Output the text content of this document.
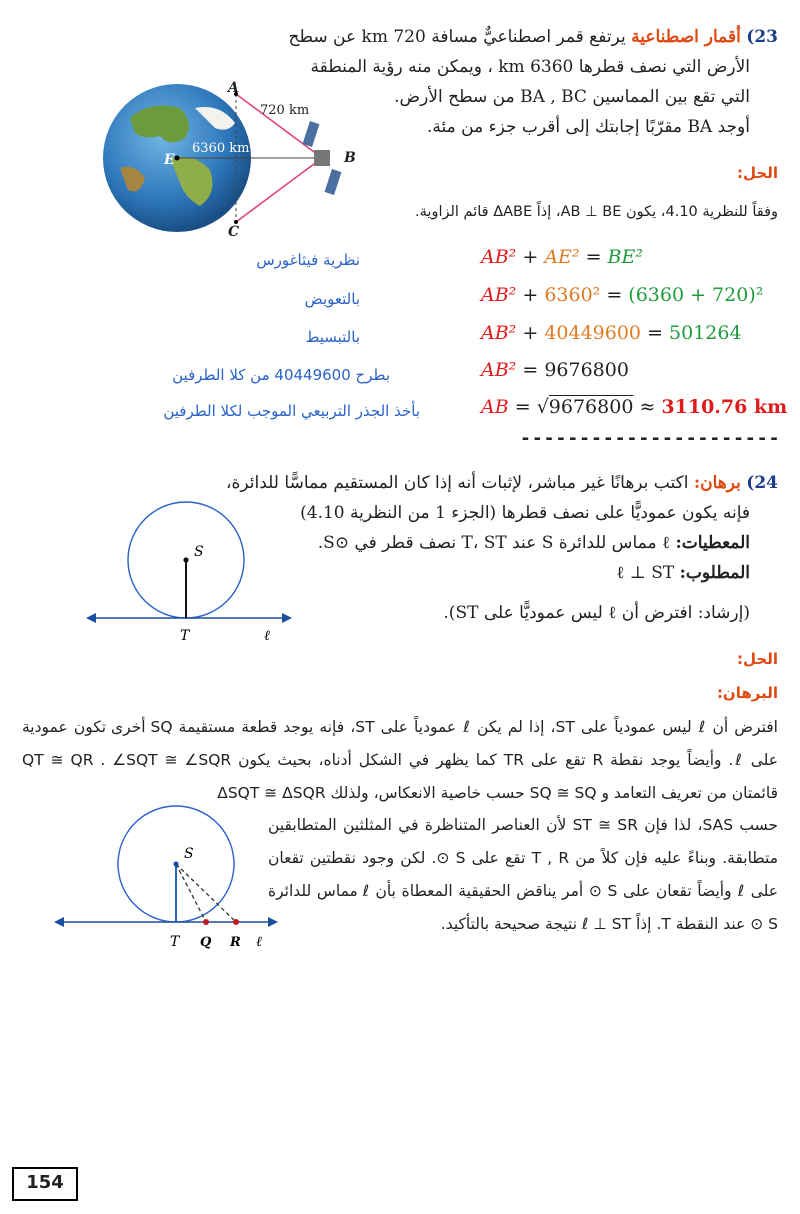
23) أقمار اصطناعية يرتفع قمر اصطناعيٌّ مسافة 720 km عن سطح
الأرض التي نصف قطرها 6360 km ، ويمكن منه رؤية المنطقة
التي تقع بين المماسين BA , BC من سطح الأرض.
أوجد BA مقرّبًا إجابتك إلى أقرب جزء من مئة.
720 km
6360 km
A
B
C
E
الحل:
وفقاً للنظرية 4.10، يكون AB ⊥ BE، إذاً ΔABE قائم الزاوية.
نظرية فيثاغورس
بالتعويض
بالتبسيط
بطرح 40449600 من كلا الطرفين
بأخذ الجذر التربيعي الموجب لكلا الطرفين
AB² + AE² = BE²
AB² + 6360² = (6360 + 720)²
AB² + 40449600 = 501264
AB² = 9676800
AB = √9676800 ≈ 3110.76 km
----------------------
24) برهان: اكتب برهانًا غير مباشر، لإثبات أنه إذا كان المستقيم مماسًّا للدائرة،
فإنه يكون عموديًّا على نصف قطرها (الجزء 1 من النظرية 4.10)
المعطيات: ℓ مماس للدائرة S عند T، ST نصف قطر في ⊙S.
المطلوب: ℓ ⊥ ST
(إرشاد: افترض أن ℓ ليس عموديًّا على ST).
S
T	ℓ
الحل:
البرهان:
افترض أن ℓ ليس عمودياً على ST، إذا لم يكن ℓ عمودياً على ST، فإنه يوجد قطعة مستقيمة SQ أخرى تكون عمودية على ℓ. وأيضاً يوجد نقطة R تقع على TR كما يظهر في الشكل أدناه، بحيث يكون QT ≅ QR . ∠SQT ≅ ∠SQR قائمتان من تعريف التعامد و SQ ≅ SQ حسب خاصية الانعكاس، ولذلك ΔSQT ≅ ΔSQR
حسب SAS، لذا فإن ST ≅ SR لأن العناصر المتناظرة في المثلثين المتطابقين متطابقة. وبناءً عليه فإن كلاً من T , R تقع على S ⊙. لكن وجود نقطتين تقعان على ℓ وأيضاً تقعان على S ⊙ أمر يناقض الحقيقية المعطاة بأن ℓ مماس للدائرة S ⊙ عند النقطة T. إذاً ℓ ⊥ ST نتيجة صحيحة بالتأكيد.
S
T Q R ℓ
154
